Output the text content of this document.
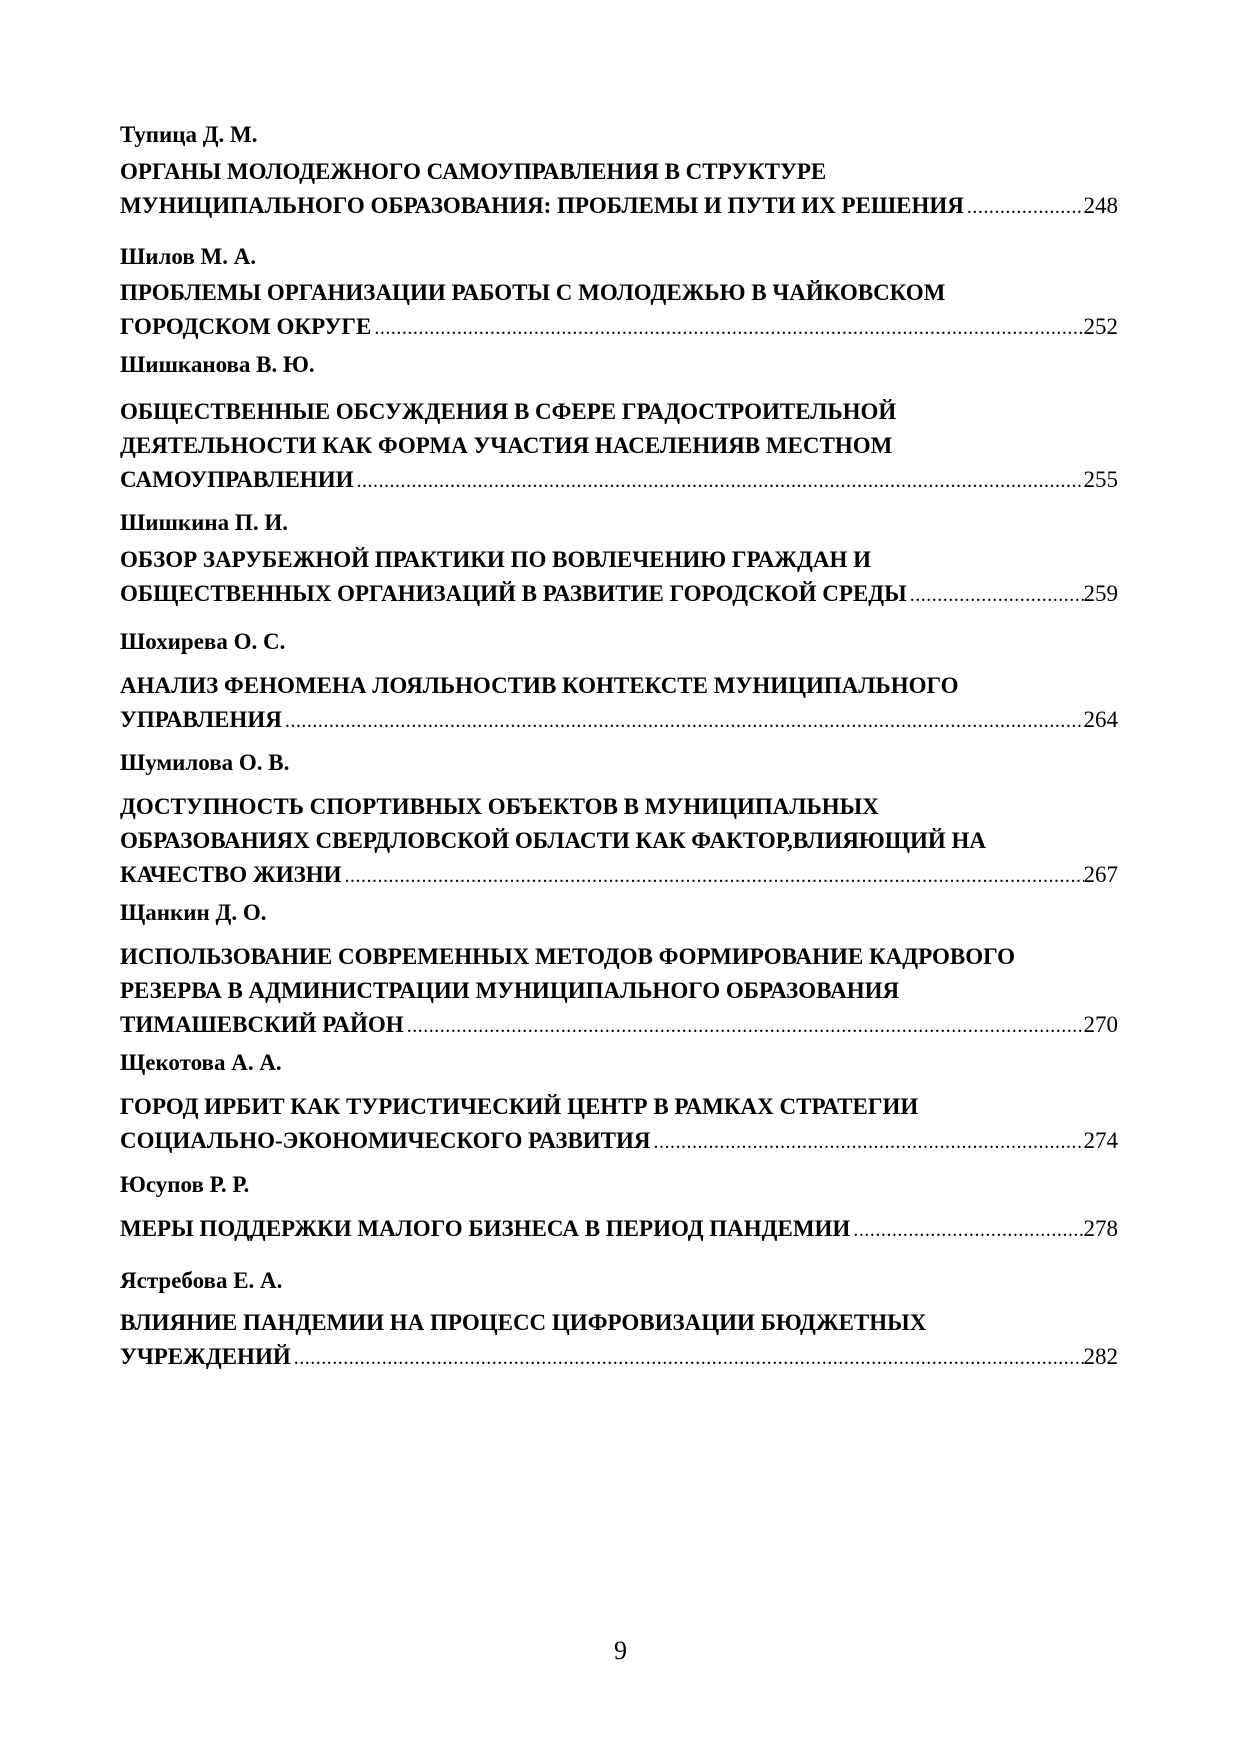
Тупица Д. М.
ОРГАНЫ МОЛОДЕЖНОГО САМОУПРАВЛЕНИЯ В СТРУКТУРЕ
МУНИЦИПАЛЬНОГО ОБРАЗОВАНИЯ: ПРОБЛЕМЫ И ПУТИ ИХ РЕШЕНИЯ .....	248
Шилов М. А.
ПРОБЛЕМЫ ОРГАНИЗАЦИИ РАБОТЫ С МОЛОДЕЖЬЮ В ЧАЙКОВСКОМ
ГОРОДСКОМ ОКРУГЕ .....	252
Шишканова В. Ю.
ОБЩЕСТВЕННЫЕ ОБСУЖДЕНИЯ В СФЕРЕ ГРАДОСТРОИТЕЛЬНОЙ
ДЕЯТЕЛЬНОСТИ КАК ФОРМА УЧАСТИЯ НАСЕЛЕНИЯВ МЕСТНОМ
САМОУПРАВЛЕНИИ .....	255
Шишкина П. И.
ОБЗОР ЗАРУБЕЖНОЙ ПРАКТИКИ ПО ВОВЛЕЧЕНИЮ ГРАЖДАН И
ОБЩЕСТВЕННЫХ ОРГАНИЗАЦИЙ В РАЗВИТИЕ ГОРОДСКОЙ СРЕДЫ .....	259
Шохирева О. С.
АНАЛИЗ ФЕНОМЕНА ЛОЯЛЬНОСТИВ КОНТЕКСТЕ МУНИЦИПАЛЬНОГО
УПРАВЛЕНИЯ .....	264
Шумилова О. В.
ДОСТУПНОСТЬ СПОРТИВНЫХ ОБЪЕКТОВ В МУНИЦИПАЛЬНЫХ
ОБРАЗОВАНИЯХ СВЕРДЛОВСКОЙ ОБЛАСТИ КАК ФАКТОР,ВЛИЯЮЩИЙ НА
КАЧЕСТВО ЖИЗНИ .....	267
Щанкин Д. О.
ИСПОЛЬЗОВАНИЕ СОВРЕМЕННЫХ МЕТОДОВ ФОРМИРОВАНИЕ КАДРОВОГО
РЕЗЕРВА В АДМИНИСТРАЦИИ МУНИЦИПАЛЬНОГО ОБРАЗОВАНИЯ
ТИМАШЕВСКИЙ РАЙОН .....	270
Щекотова А. А.
ГОРОД ИРБИТ КАК ТУРИСТИЧЕСКИЙ ЦЕНТР В РАМКАХ СТРАТЕГИИ
СОЦИАЛЬНО-ЭКОНОМИЧЕСКОГО РАЗВИТИЯ .....	274
Юсупов Р. Р.
МЕРЫ ПОДДЕРЖКИ МАЛОГО БИЗНЕСА В ПЕРИОД ПАНДЕМИИ .....	278
Ястребова Е. А.
ВЛИЯНИЕ ПАНДЕМИИ НА ПРОЦЕСС ЦИФРОВИЗАЦИИ БЮДЖЕТНЫХ
УЧРЕЖДЕНИЙ .....	282
9
